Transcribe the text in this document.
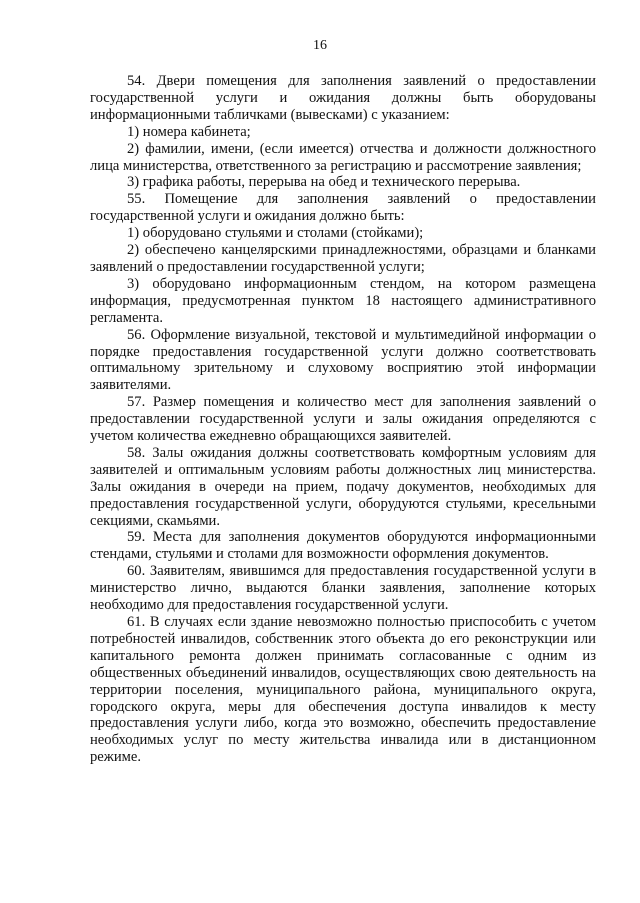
16

54. Двери помещения для заполнения заявлений о предоставлении государственной услуги и ожидания должны быть оборудованы информационными табличками (вывесками) с указанием:

1) номера кабинета;

2) фамилии, имени, (если имеется) отчества и должности должностного лица министерства, ответственного за регистрацию и рассмотрение заявления;

3) графика работы, перерыва на обед и технического перерыва.

55. Помещение для заполнения заявлений о предоставлении государственной услуги и ожидания должно быть:

1) оборудовано стульями и столами (стойками);

2) обеспечено канцелярскими принадлежностями, образцами и бланками заявлений о предоставлении государственной услуги;

3) оборудовано информационным стендом, на котором размещена информация, предусмотренная пунктом 18 настоящего административного регламента.

56. Оформление визуальной, текстовой и мультимедийной информации о порядке предоставления государственной услуги должно соответствовать оптимальному зрительному и слуховому восприятию этой информации заявителями.

57. Размер помещения и количество мест для заполнения заявлений о предоставлении государственной услуги и залы ожидания определяются с учетом количества ежедневно обращающихся заявителей.

58. Залы ожидания должны соответствовать комфортным условиям для заявителей и оптимальным условиям работы должностных лиц министерства. Залы ожидания в очереди на прием, подачу документов, необходимых для предоставления государственной услуги, оборудуются стульями, кресельными секциями, скамьями.

59. Места для заполнения документов оборудуются информационными стендами, стульями и столами для возможности оформления документов.

60. Заявителям, явившимся для предоставления государственной услуги в министерство лично, выдаются бланки заявления, заполнение которых необходимо для предоставления государственной услуги.

61. В случаях если здание невозможно полностью приспособить с учетом потребностей инвалидов, собственник этого объекта до его реконструкции или капитального ремонта должен принимать согласованные с одним из общественных объединений инвалидов, осуществляющих свою деятельность на территории поселения, муниципального района, муниципального округа, городского округа, меры для обеспечения доступа инвалидов к месту предоставления услуги либо, когда это возможно, обеспечить предоставление необходимых услуг по месту жительства инвалида или в дистанционном режиме.
